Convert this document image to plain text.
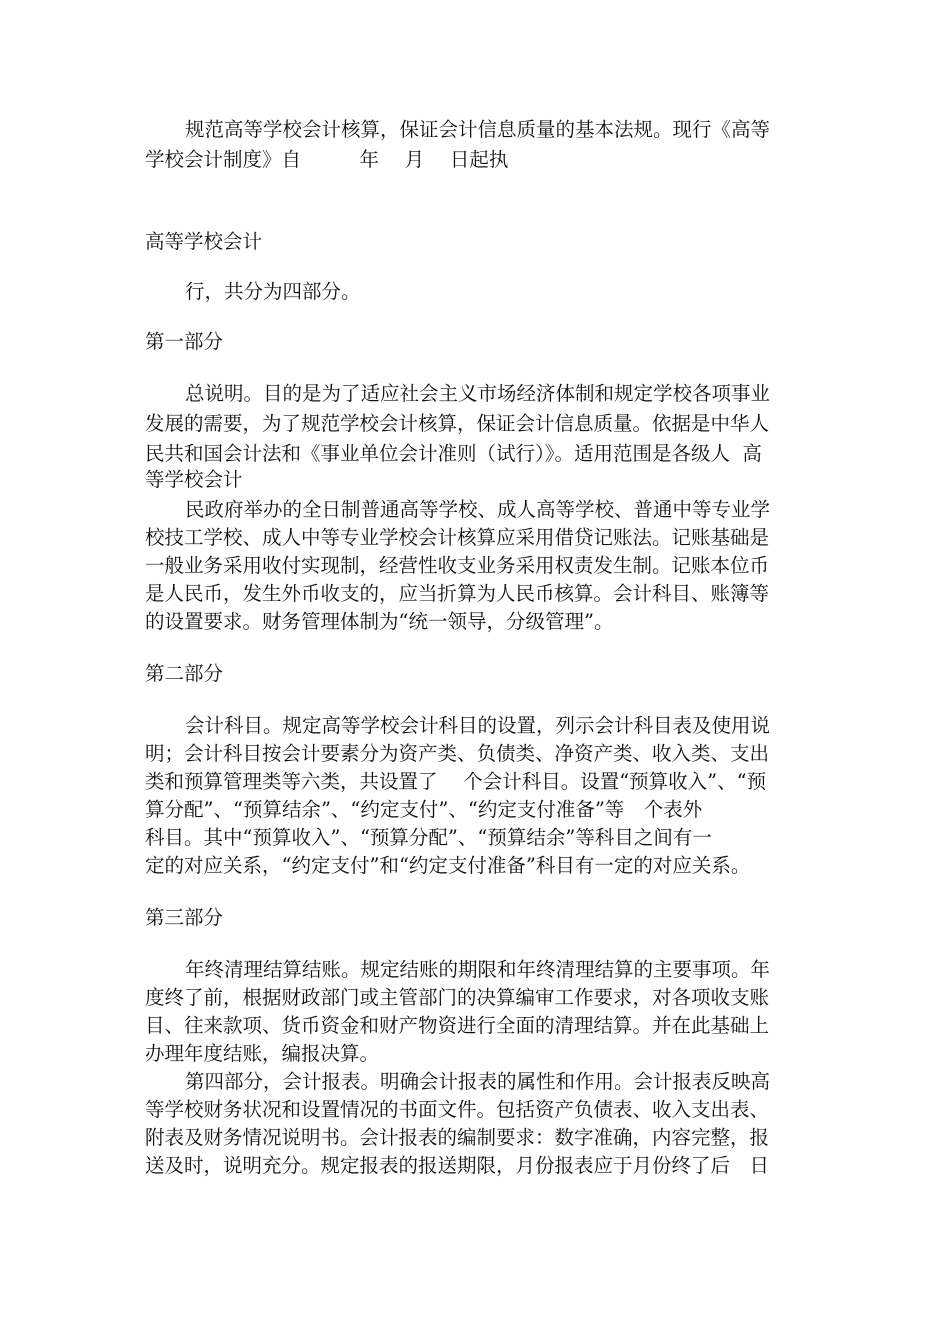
规范高等学校会计核算，保证会计信息质量的基本法规。现行《高等
学校会计制度》自　　　年　 月　 日起执
高等学校会计
行，共分为四部分。
第一部分
总说明。目的是为了适应社会主义市场经济体制和规定学校各项事业
发展的需要，为了规范学校会计核算，保证会计信息质量。依据是中华人
民共和国会计法和《事业单位会计准则（试行）》。适用范围是各级人  高
等学校会计
民政府举办的全日制普通高等学校、成人高等学校、普通中等专业学
校技工学校、成人中等专业学校会计核算应采用借贷记账法。记账基础是
一般业务采用收付实现制，经营性收支业务采用权责发生制。记账本位币
是人民币，发生外币收支的，应当折算为人民币核算。会计科目、账簿等
的设置要求。财务管理体制为“统一领导，分级管理”。
第二部分
会计科目。规定高等学校会计科目的设置，列示会计科目表及使用说
明；会计科目按会计要素分为资产类、负债类、净资产类、收入类、支出
类和预算管理类等六类，共设置了　 个会计科目。设置“预算收入”、“预
算分配”、“预算结余”、“约定支付”、“约定支付准备”等　个表外
科目。其中“预算收入”、“预算分配”、“预算结余”等科目之间有一
定的对应关系，“约定支付”和“约定支付准备”科目有一定的对应关系。
第三部分
年终清理结算结账。规定结账的期限和年终清理结算的主要事项。年
度终了前，根据财政部门或主管部门的决算编审工作要求，对各项收支账
目、往来款项、货币资金和财产物资进行全面的清理结算。并在此基础上
办理年度结账，编报决算。
第四部分，会计报表。明确会计报表的属性和作用。会计报表反映高
等学校财务状况和设置情况的书面文件。包括资产负债表、收入支出表、
附表及财务情况说明书。会计报表的编制要求：数字准确，内容完整，报
送及时，说明充分。规定报表的报送期限，月份报表应于月份终了后　日
